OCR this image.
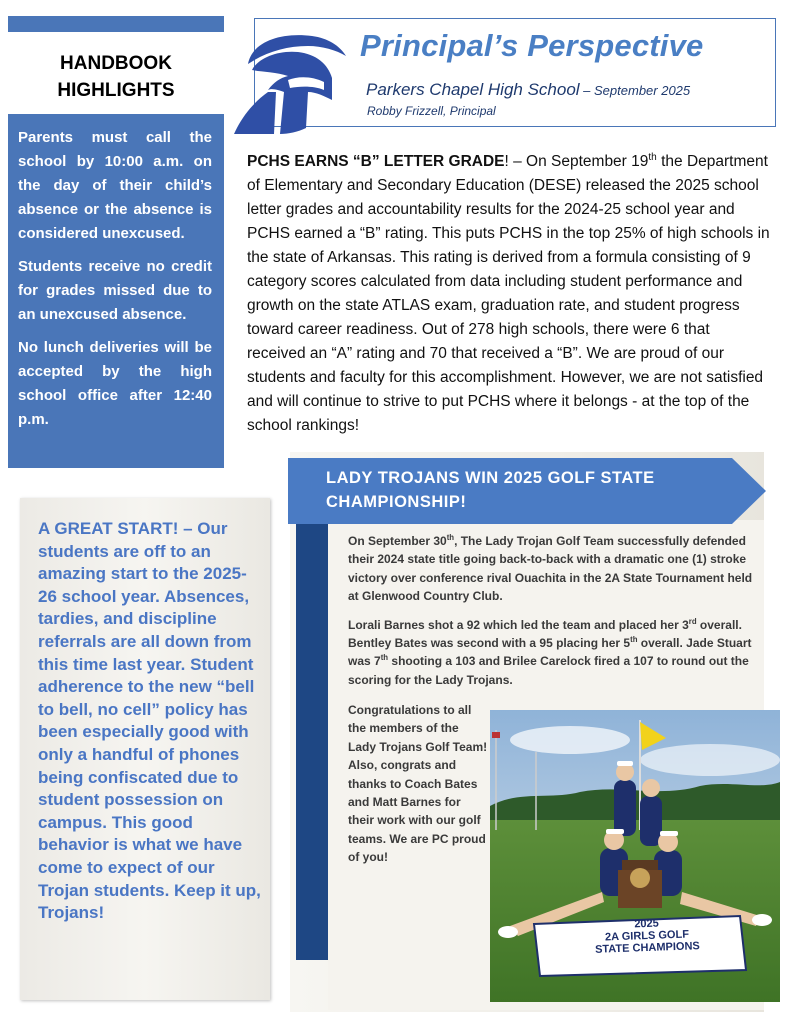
HANDBOOK
HIGHLIGHTS

Parents must call the school by 10:00 a.m. on the day of their child’s absence or the absence is considered unexcused.

Students receive no credit for grades missed due to an unexcused absence.

No lunch deliveries will be accepted by the high school office after 12:40 p.m.

Principal’s Perspective
Parkers Chapel High School – September 2025
Robby Frizzell, Principal
PCHS EARNS “B” LETTER GRADE! – On September 19th the Department of Elementary and Secondary Education (DESE) released the 2025 school letter grades and accountability results for the 2024-25 school year and PCHS earned a “B” rating. This puts PCHS in the top 25% of high schools in the state of Arkansas. This rating is derived from a formula consisting of 9 category scores calculated from data including student performance and growth on the state ATLAS exam, graduation rate, and student progress toward career readiness. Out of 278 high schools, there were 6 that received an “A” rating and 70 that received a “B”. We are proud of our students and faculty for this accomplishment. However, we are not satisfied and will continue to strive to put PCHS where it belongs - at the top of the school rankings!
A GREAT START! – Our students are off to an amazing start to the 2025-26 school year. Absences, tardies, and discipline referrals are all down from this time last year. Student adherence to the new “bell to bell, no cell” policy has been especially good with only a handful of phones being confiscated due to student possession on campus. This good behavior is what we have come to expect of our Trojan students. Keep it up, Trojans!
LADY TROJANS WIN 2025 GOLF STATE CHAMPIONSHIP!

On September 30th, The Lady Trojan Golf Team successfully defended their 2024 state title going back-to-back with a dramatic one (1) stroke victory over conference rival Ouachita in the 2A State Tournament held at Glenwood Country Club.

Lorali Barnes shot a 92 which led the team and placed her 3rd overall. Bentley Bates was second with a 95 placing her 5th overall. Jade Stuart was 7th shooting a 103 and Brilee Carelock fired a 107 to round out the scoring for the Lady Trojans.

Congratulations to all the members of the Lady Trojans Golf Team! Also, congrats and thanks to Coach Bates and Matt Barnes for their work with our golf teams. We are PC proud of you!
2025
2A GIRLS GOLF
STATE CHAMPIONS
